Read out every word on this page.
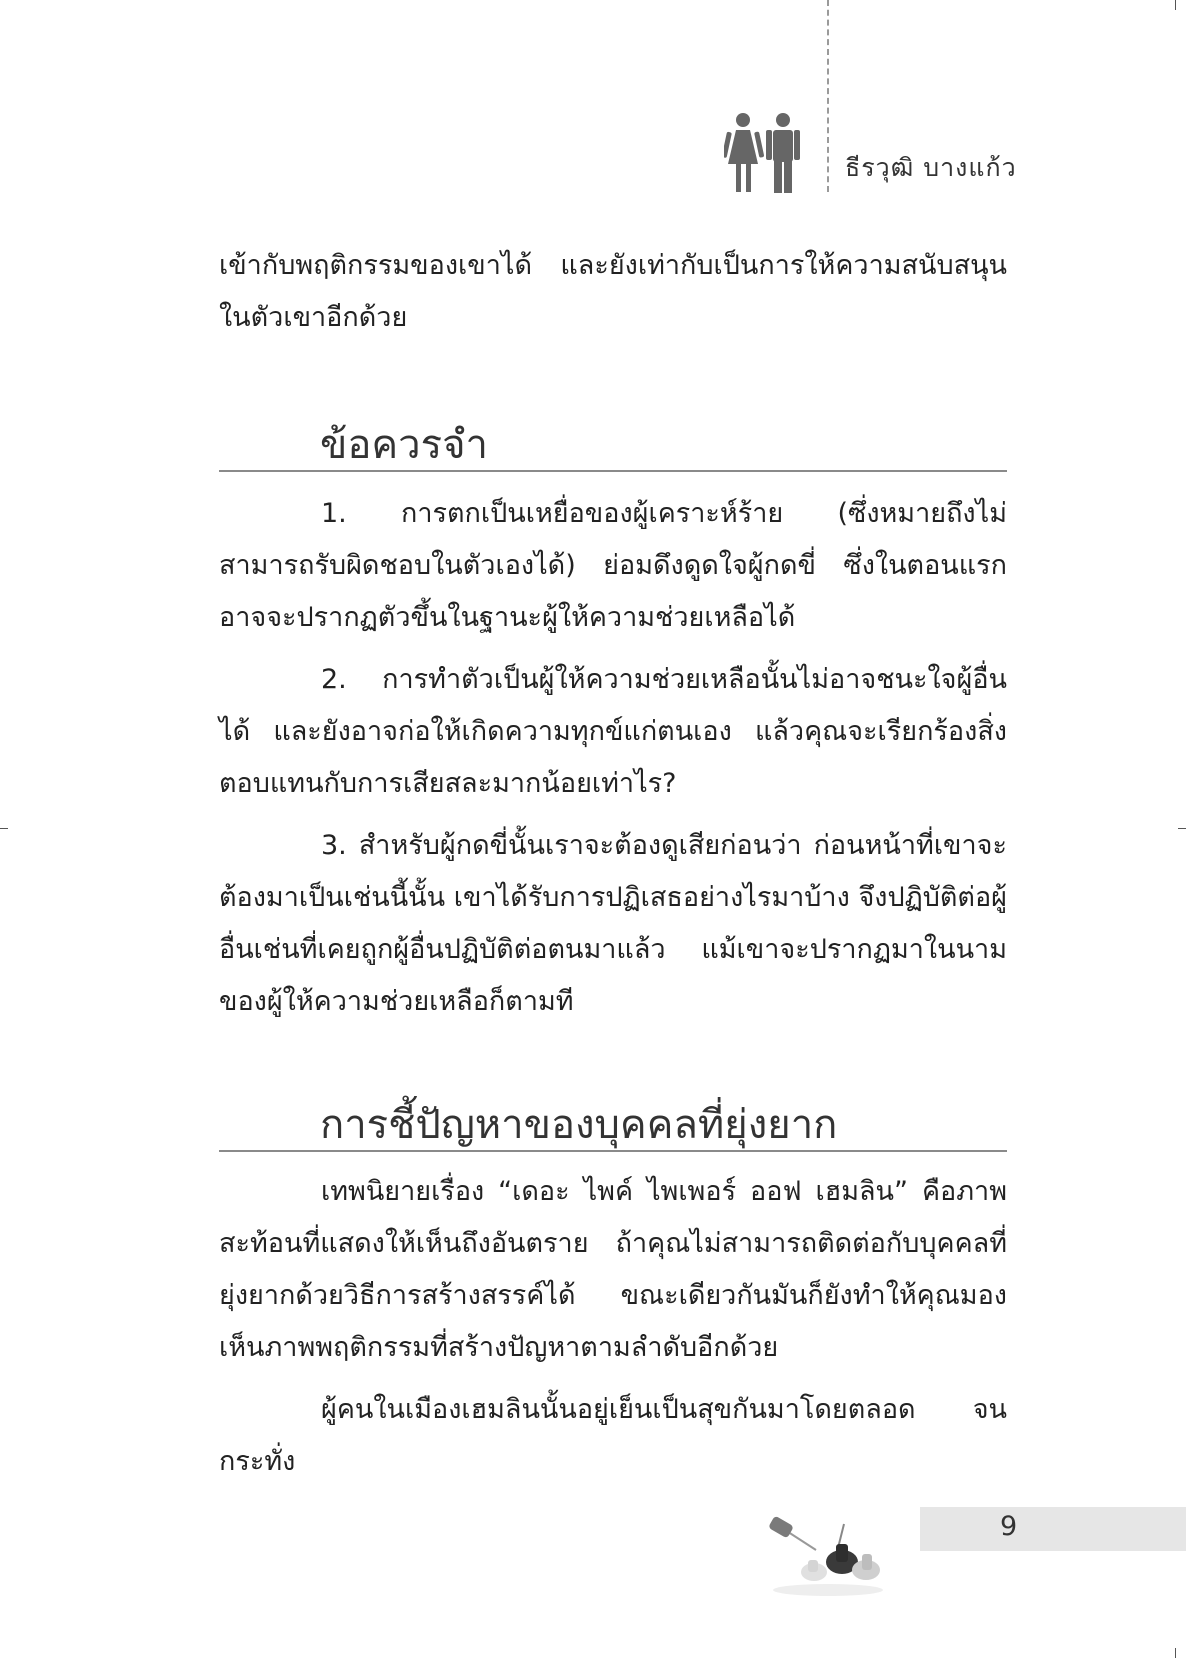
ธีรวุฒิ บางแก้ว

เข้ากับพฤติกรรมของเขาได้ และยังเท่ากับเป็นการให้ความสนับสนุนในตัวเขาอีกด้วย

ข้อควรจำ

1. การตกเป็นเหยื่อของผู้เคราะห์ร้าย (ซึ่งหมายถึงไม่สามารถรับผิดชอบในตัวเองได้) ย่อมดึงดูดใจผู้กดขี่ ซึ่งในตอนแรกอาจจะปรากฏตัวขึ้นในฐานะผู้ให้ความช่วยเหลือได้

2. การทำตัวเป็นผู้ให้ความช่วยเหลือนั้นไม่อาจชนะใจผู้อื่นได้ และยังอาจก่อให้เกิดความทุกข์แก่ตนเอง แล้วคุณจะเรียกร้องสิ่งตอบแทนกับการเสียสละมากน้อยเท่าไร?

3. สำหรับผู้กดขี่นั้นเราจะต้องดูเสียก่อนว่า ก่อนหน้าที่เขาจะต้องมาเป็นเช่นนี้นั้น เขาได้รับการปฏิเสธอย่างไรมาบ้าง จึงปฏิบัติต่อผู้อื่นเช่นที่เคยถูกผู้อื่นปฏิบัติต่อตนมาแล้ว แม้เขาจะปรากฏมาในนามของผู้ให้ความช่วยเหลือก็ตามที

การชี้ปัญหาของบุคคลที่ยุ่งยาก

เทพนิยายเรื่อง “เดอะ ไพค์ ไพเพอร์ ออฟ เฮมลิน” คือภาพสะท้อนที่แสดงให้เห็นถึงอันตราย ถ้าคุณไม่สามารถติดต่อกับบุคคลที่ยุ่งยากด้วยวิธีการสร้างสรรค์ได้ ขณะเดียวกันมันก็ยังทำให้คุณมองเห็นภาพพฤติกรรมที่สร้างปัญหาตามลำดับอีกด้วย

ผู้คนในเมืองเฮมลินนั้นอยู่เย็นเป็นสุขกันมาโดยตลอด จนกระทั่ง

9
